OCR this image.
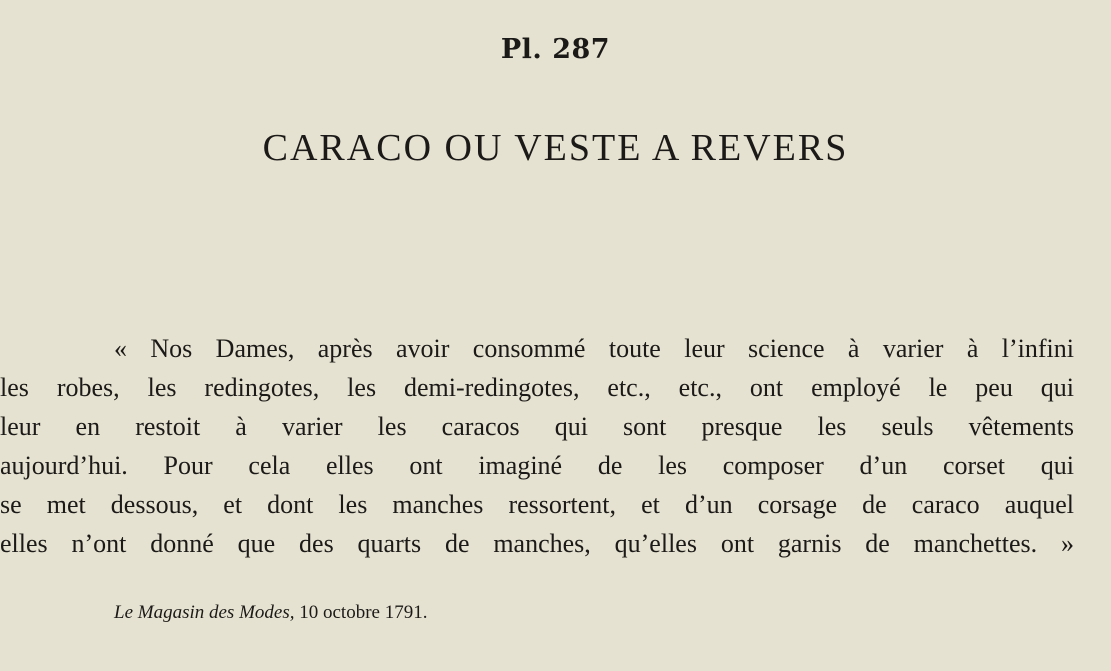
Pl. 287
CARACO OU VESTE A REVERS
« Nos Dames, après avoir consommé toute leur science à varier à l’infini
les robes, les redingotes, les demi-redingotes, etc., etc., ont employé le peu qui
leur en restoit à varier les caracos qui sont presque les seuls vêtements
aujourd’hui. Pour cela elles ont imaginé de les composer d’un corset qui
se met dessous, et dont les manches ressortent, et d’un corsage de caraco auquel
elles n’ont donné que des quarts de manches, qu’elles ont garnis de manchettes. »
Le Magasin des Modes, 10 octobre 1791.
